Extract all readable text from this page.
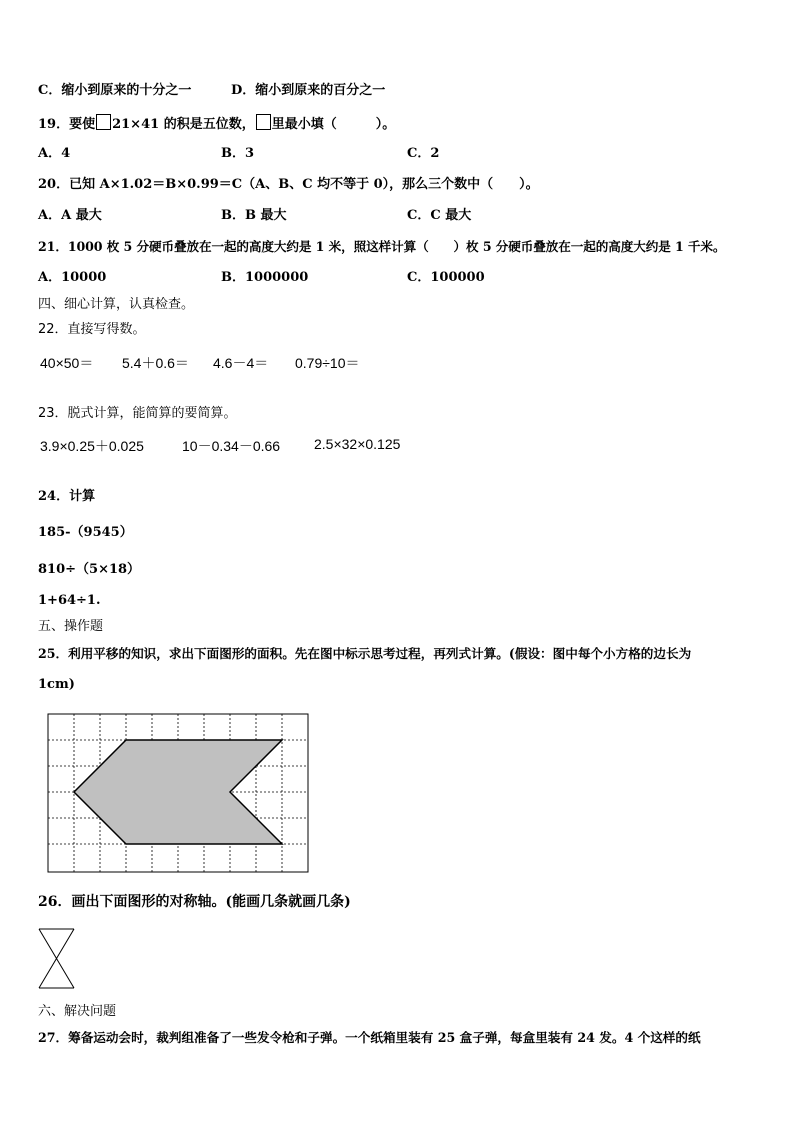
C．缩小到原来的十分之一	D．缩小到原来的百分之一
19．要使 21×41 的积是五位数， 里最小填（　　　）。
A．4	B．3	C．2
20．已知 A×1.02＝B×0.99＝C（A、B、C 均不等于 0），那么三个数中（　　）。
A．A 最大	B．B 最大	C．C 最大
21．1000 枚 5 分硬币叠放在一起的高度大约是 1 米，照这样计算（　　）枚 5 分硬币叠放在一起的高度大约是 1 千米。
A．10000	B．1000000	C．100000
四、细心计算，认真检查。
22．直接写得数。
40×50＝ 5.4＋0.6＝ 4.6－4＝ 0.79÷10＝
23．脱式计算，能简算的要简算。
3.9×0.25＋0.025	10－0.34－0.66 2.5×32×0.125
24．计算
185-（9545）
810÷（5×18）
1+64÷1.
五、操作题
25．利用平移的知识，求出下面图形的面积。先在图中标示思考过程，再列式计算。(假设：图中每个小方格的边长为
1cm)
26．画出下面图形的对称轴。(能画几条就画几条)
六、解决问题
27．筹备运动会时，裁判组准备了一些发令枪和子弹。一个纸箱里装有 25 盒子弹，每盒里装有 24 发。4 个这样的纸
